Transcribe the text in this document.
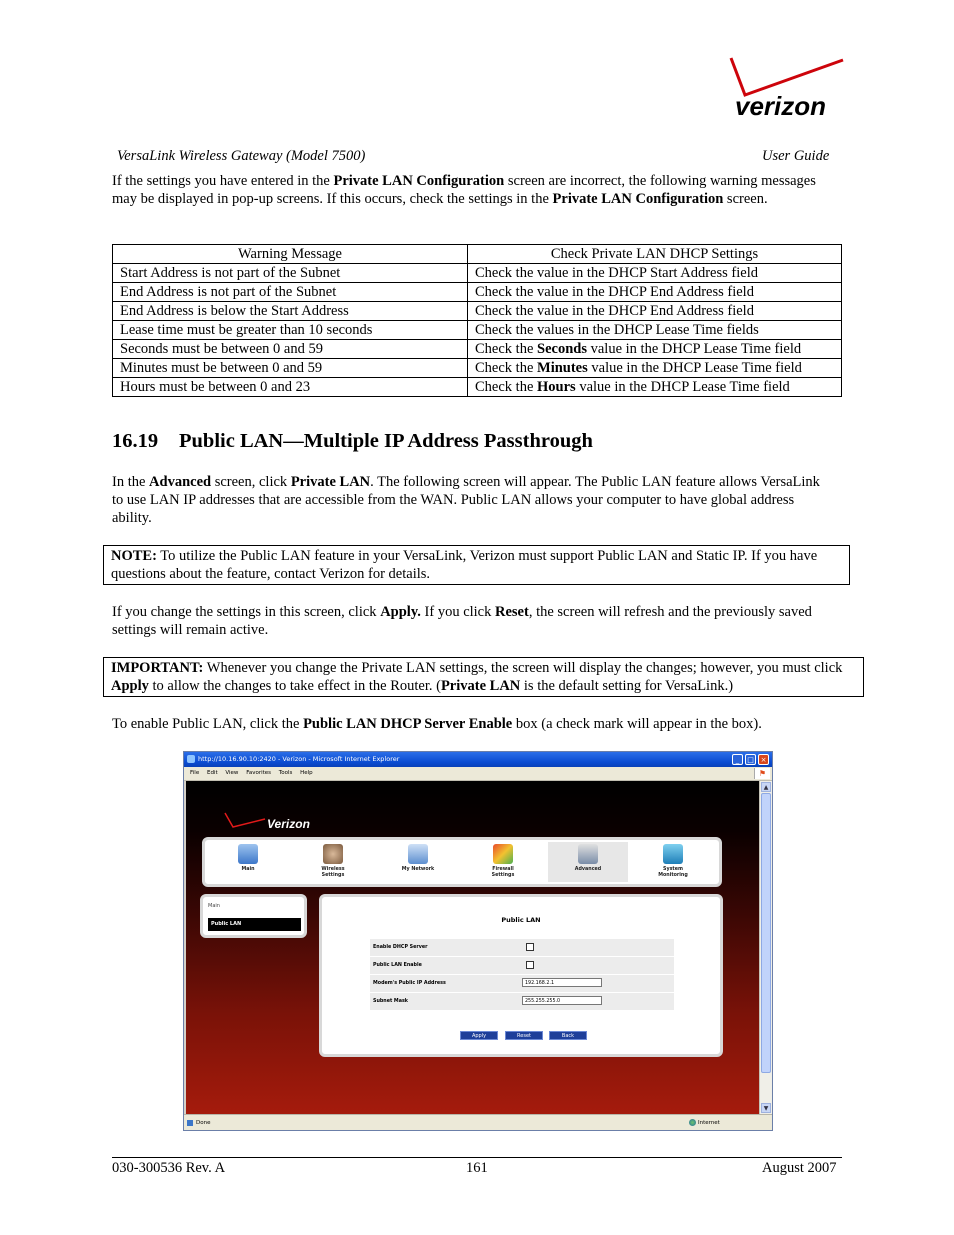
verizon
VersaLink Wireless Gateway (Model 7500)	User Guide
If the settings you have entered in the Private LAN Configuration screen are incorrect, the following warning messages may be displayed in pop-up screens. If this occurs, check the settings in the Private LAN Configuration screen.
Warning Message	Check Private LAN DHCP Settings
Start Address is not part of the Subnet	Check the value in the DHCP Start Address field
End Address is not part of the Subnet	Check the value in the DHCP End Address field
End Address is below the Start Address	Check the value in the DHCP End Address field
Lease time must be greater than 10 seconds	Check the values in the DHCP Lease Time fields
Seconds must be between 0 and 59	Check the Seconds value in the DHCP Lease Time field
Minutes must be between 0 and 59	Check the Minutes value in the DHCP Lease Time field
Hours must be between 0 and 23	Check the Hours value in the DHCP Lease Time field
16.19 Public LAN—Multiple IP Address Passthrough
In the Advanced screen, click Private LAN. The following screen will appear. The Public LAN feature allows VersaLink to use LAN IP addresses that are accessible from the WAN. Public LAN allows your computer to have global address ability.
NOTE: To utilize the Public LAN feature in your VersaLink, Verizon must support Public LAN and Static IP. If you have questions about the feature, contact Verizon for details.
If you change the settings in this screen, click Apply. If you click Reset, the screen will refresh and the previously saved settings will remain active.
IMPORTANT: Whenever you change the Private LAN settings, the screen will display the changes; however, you must click Apply to allow the changes to take effect in the Router. (Private LAN is the default setting for VersaLink.)
To enable Public LAN, click the Public LAN DHCP Server Enable box (a check mark will appear in the box).
http://10.16.90.10:2420 - Verizon - Microsoft Internet Explorer	_	□ ×
File Edit View Favorites Tools Help	⚑
Verizon
Main	Wireless
Settings
My Network	Firewall
Settings
Advanced	System
Monitoring
Main
Public LAN	Public LAN
Enable DHCP Server
Public LAN Enable
Modem's Public IP Address	192.168.2.1
Subnet Mask	255.255.255.0
Apply	Reset	Back
▲
▼
Done	Internet
030-300536 Rev. A	161	August 2007
